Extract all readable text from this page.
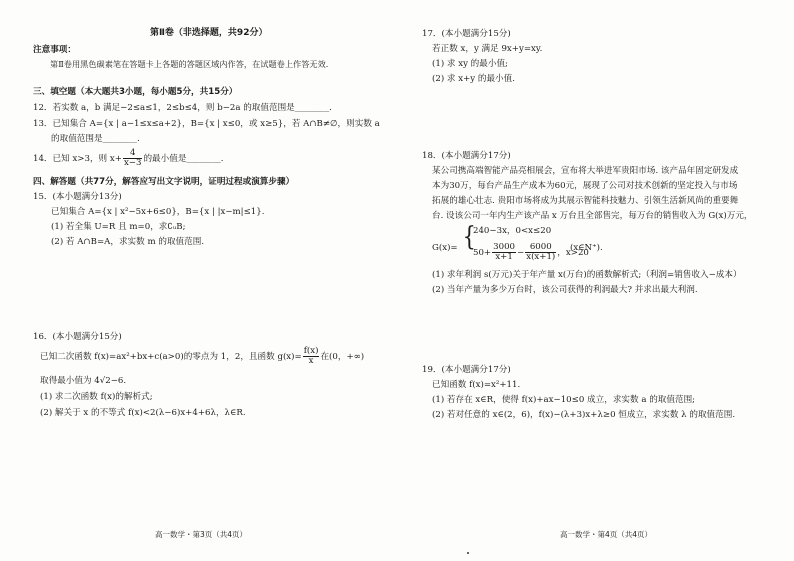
第Ⅱ卷（非选择题，共92分）
注意事项：
第Ⅱ卷用黑色碳素笔在答题卡上各题的答题区域内作答，在试题卷上作答无效.
三、填空题（本大题共3小题，每小题5分，共15分）
12．若实数 a，b 满足−2≤a≤1，2≤b≤4，则 b−2a 的取值范围是________.
13．已知集合 A={x | a−1≤x≤a+2}，B={x | x≤0，或 x≥5}，若 A∩B≠∅，则实数 a
的取值范围是________.
14．已知 x>3，则 $x+ \frac{4}{x-3}$ 的最小值是________.
四、解答题（共77分，解答应写出文字说明，证明过程或演算步骤）
15．(本小题满分13分)
已知集合 A={x | x²−5x+6≤0}，B={x | |x−m|≤1}.
(1) 若全集 U=R 且 m=0，求∁ᵤB;
(2) 若 A∩B=A，求实数 m 的取值范围.
16．(本小题满分15分)
已知二次函数 f(x)=ax²+bx+c(a>0)的零点为 1，2，且函数 $g(x)= \frac{f(x)}{x}$ 在(0，+∞)
取得最小值为 4√2−6.
(1) 求二次函数 f(x)的解析式;
(2) 解关于 x 的不等式 f(x)<2(λ−6)x+4+6λ，λ∈R.
高一数学・第3页（共4页）
17．(本小题满分15分)
若正数 x，y 满足 9x+y=xy.
(1) 求 xy 的最小值;
(2) 求 x+y 的最小值.
18．(本小题满分17分)
某公司携高端智能产品亮相展会，宣布将大举进军贵阳市场. 该产品年固定研发成
本为30万，每台产品生产成本为60元，展现了公司对技术创新的坚定投入与市场
拓展的雄心壮志. 贵阳市场将成为其展示智能科技魅力、引领生活新风尚的重要舞
台. 设该公司一年内生产该产品 x 万台且全部售完，每万台的销售收入为 G(x)万元，
G(x)= {
240−3x，0<x≤20
$50+ \frac{3000}{x+1} - \frac{6000}{x(x+1)}$ ，x>20
(x∈N⁺).
(1) 求年利润 s(万元)关于年产量 x(万台)的函数解析式;（利润=销售收入−成本）
(2) 当年产量为多少万台时，该公司获得的利润最大? 并求出最大利润.
19．(本小题满分17分)
已知函数 f(x)=x²+11.
(1) 若存在 x∈R，使得 f(x)+ax−10≤0 成立，求实数 a 的取值范围;
(2) 若对任意的 x∈(2，6)，f(x)−(λ+3)x+λ≥0 恒成立，求实数 λ 的取值范围.
高一数学・第4页（共4页）
